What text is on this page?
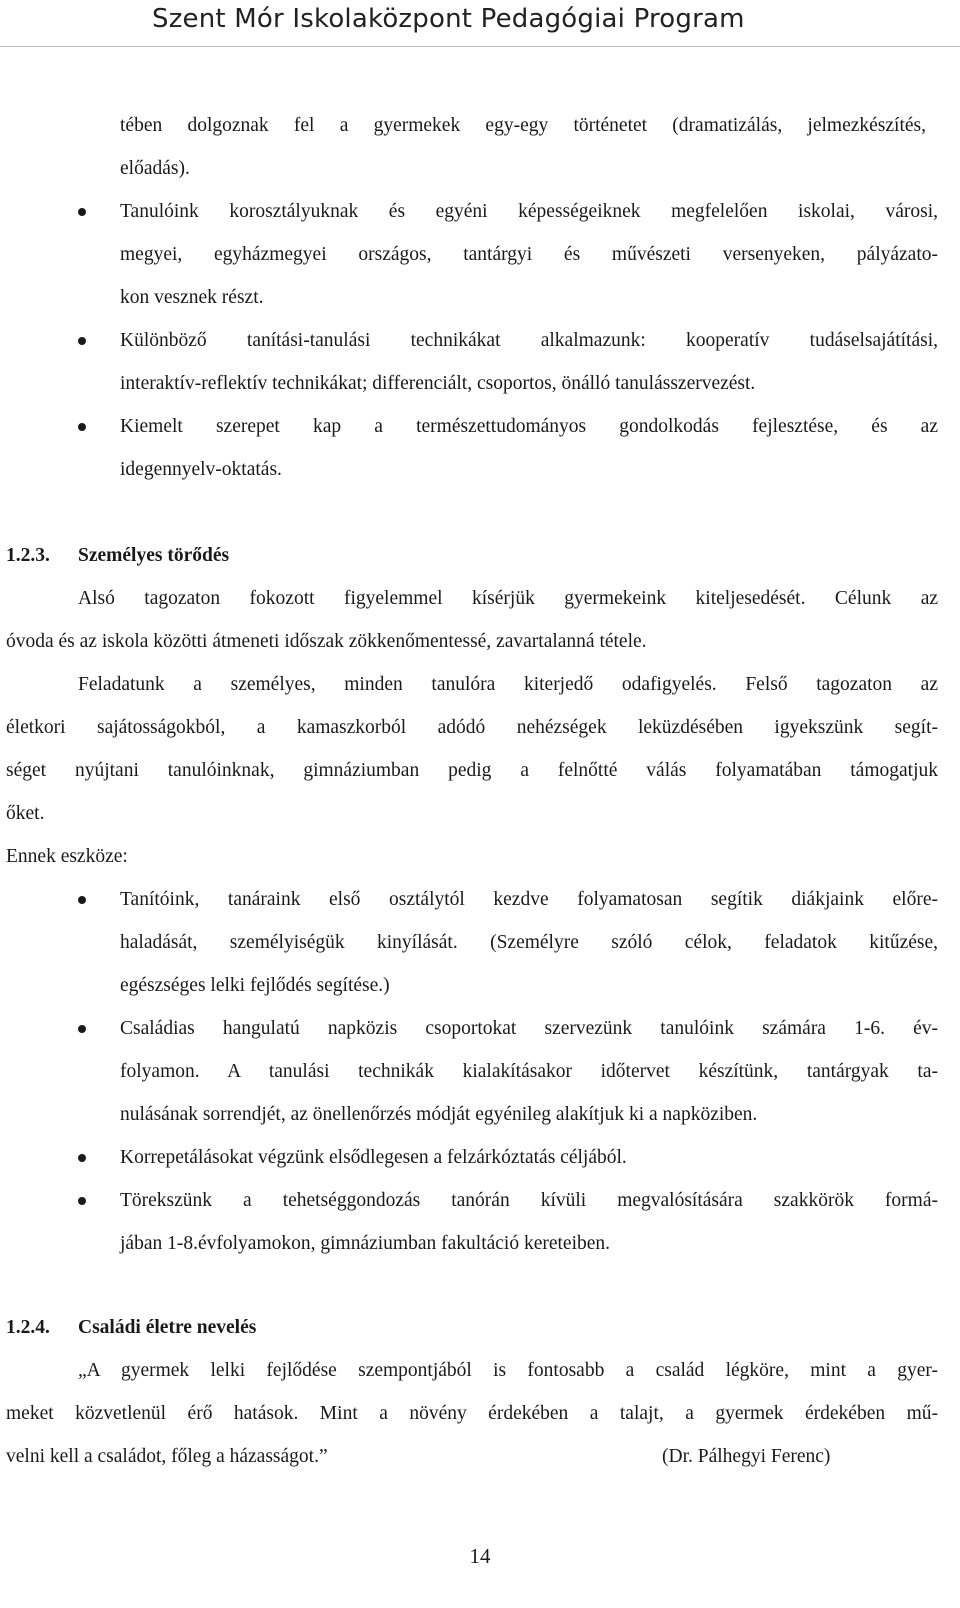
Szent Mór Iskolaközpont Pedagógiai Program
tében dolgoznak fel a gyermekek egy-egy történetet (dramatizálás, jelmezkészítés,
előadás).
Tanulóink korosztályuknak és egyéni képességeiknek megfelelően iskolai, városi,
megyei, egyházmegyei országos, tantárgyi és művészeti versenyeken, pályázato-
kon vesznek részt.
Különböző tanítási-tanulási technikákat alkalmazunk: kooperatív tudáselsajátítási,
interaktív-reflektív technikákat; differenciált, csoportos, önálló tanulásszervezést.
Kiemelt szerepet kap a természettudományos gondolkodás fejlesztése, és az
idegennyelv-oktatás.
1.2.3. Személyes törődés
Alsó tagozaton fokozott figyelemmel kísérjük gyermekeink kiteljesedését. Célunk az
óvoda és az iskola közötti átmeneti időszak zökkenőmentessé, zavartalanná tétele.
Feladatunk a személyes, minden tanulóra kiterjedő odafigyelés. Felső tagozaton az
életkori sajátosságokból, a kamaszkorból adódó nehézségek leküzdésében igyekszünk segít-
séget nyújtani tanulóinknak, gimnáziumban pedig a felnőtté válás folyamatában támogatjuk
őket.
Ennek eszköze:
Tanítóink, tanáraink első osztálytól kezdve folyamatosan segítik diákjaink előre-
haladását, személyiségük kinyílását. (Személyre szóló célok, feladatok kitűzése,
egészséges lelki fejlődés segítése.)
Családias hangulatú napközis csoportokat szervezünk tanulóink számára 1-6. év-
folyamon. A tanulási technikák kialakításakor időtervet készítünk, tantárgyak ta-
nulásának sorrendjét, az önellenőrzés módját egyénileg alakítjuk ki a napköziben.
Korrepetálásokat végzünk elsődlegesen a felzárkóztatás céljából.
Törekszünk a tehetséggondozás tanórán kívüli megvalósítására szakkörök formá-
jában 1-8.évfolyamokon, gimnáziumban fakultáció kereteiben.
1.2.4. Családi életre nevelés
„A gyermek lelki fejlődése szempontjából is fontosabb a család légköre, mint a gyer-
meket közvetlenül érő hatások. Mint a növény érdekében a talajt, a gyermek érdekében mű-
velni kell a családot, főleg a házasságot.”	(Dr. Pálhegyi Ferenc)
14
